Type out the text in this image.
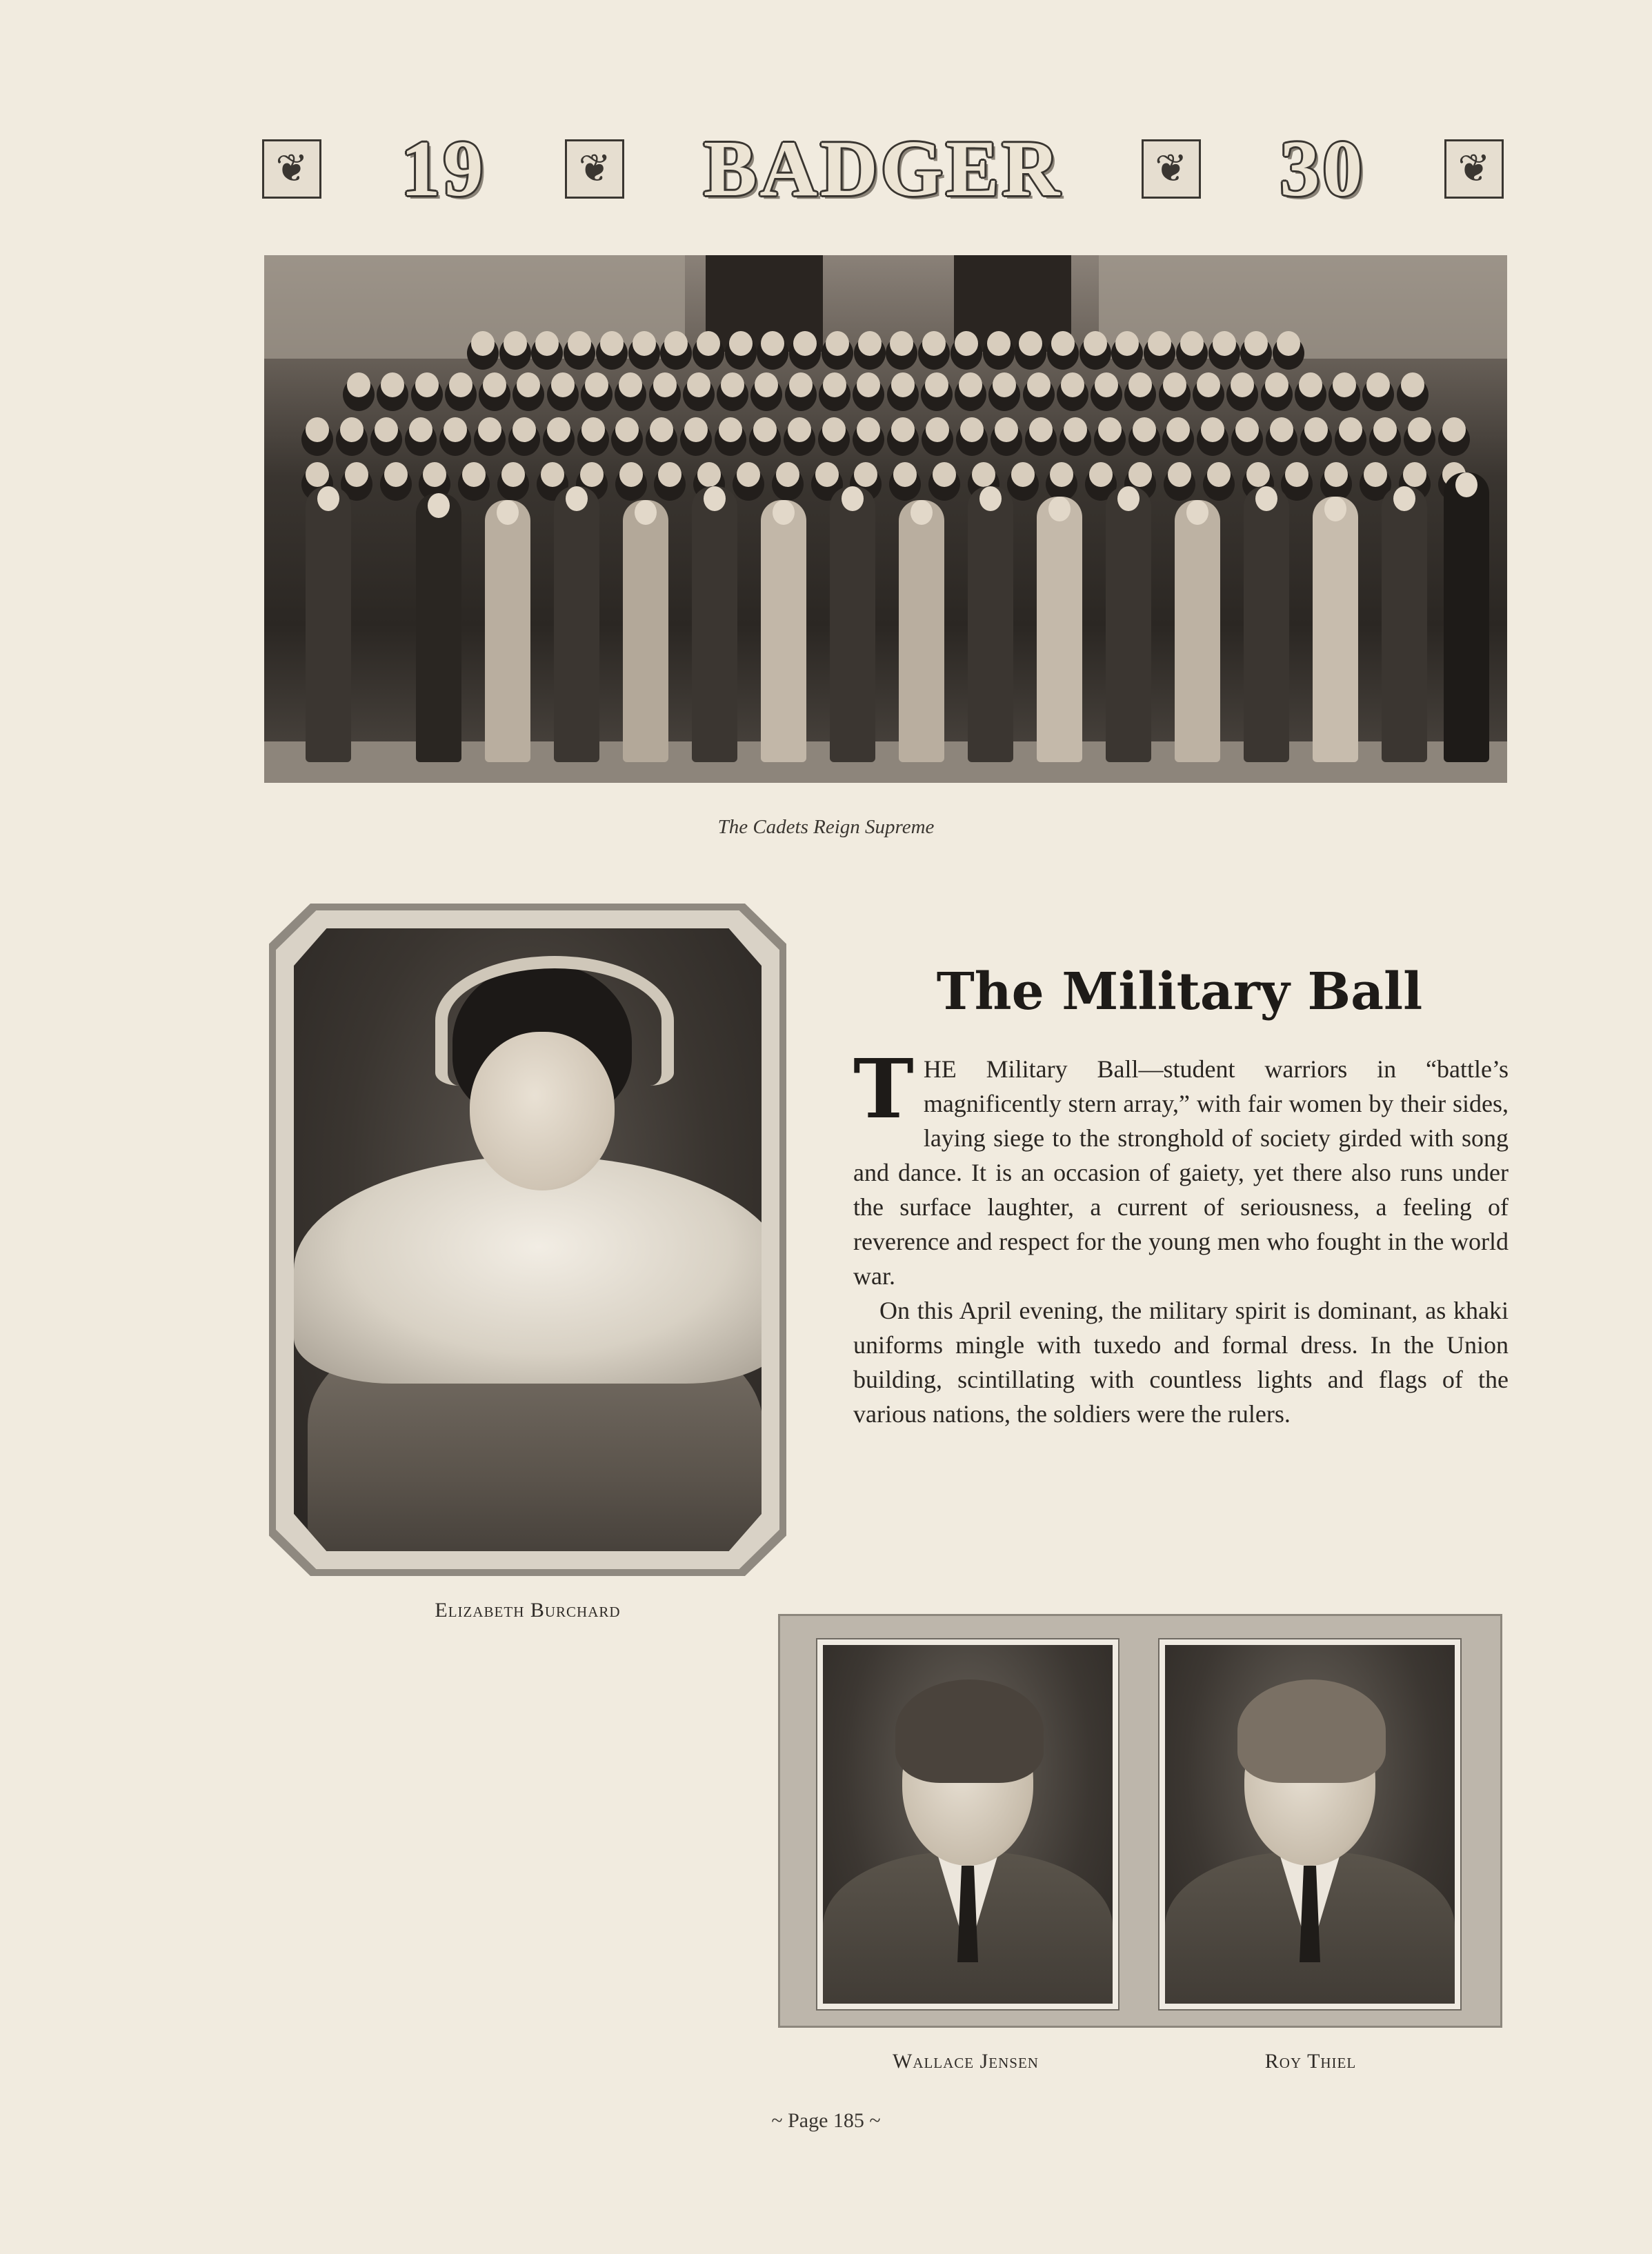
❦ 19	❦ BADGER	❦ 30	❦
The Cadets Reign Supreme
Elizabeth Burchard
The Military Ball

THE Military Ball—student warriors in “battle’s magnificently stern array,” with fair women by their sides, laying siege to the stronghold of society girded with song and dance. It is an occasion of gaiety, yet there also runs under the surface laughter, a current of seriousness, a feeling of reverence and respect for the young men who fought in the world war.

On this April evening, the military spirit is dominant, as khaki uniforms mingle with tuxedo and formal dress. In the Union building, scintillating with countless lights and flags of the various nations, the soldiers were the rulers.

Wallace Jensen	Roy Thiel
~ Page 185 ~
